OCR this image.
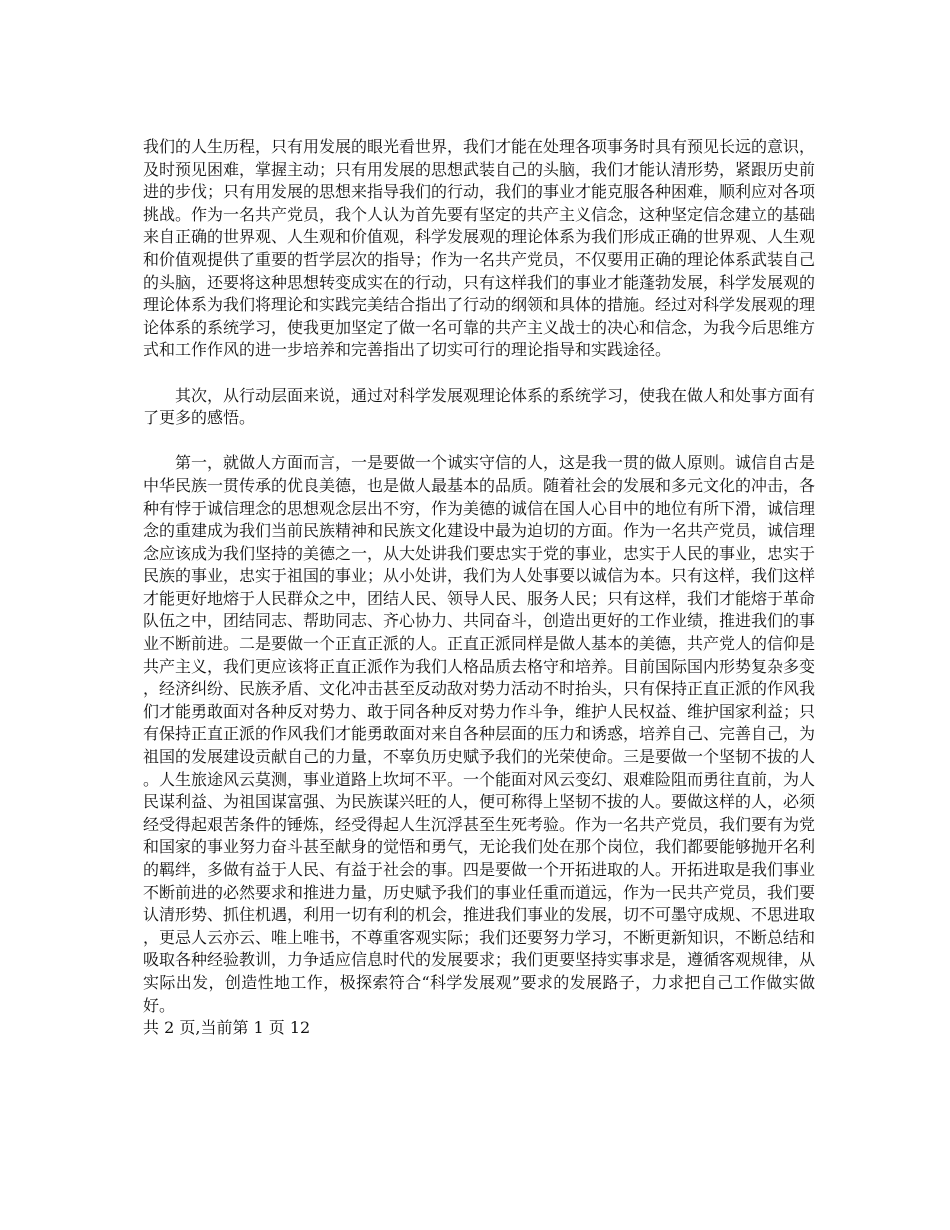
我们的人生历程，只有用发展的眼光看世界，我们才能在处理各项事务时具有预见长远的意识，及时预见困难，掌握主动；只有用发展的思想武装自己的头脑，我们才能认清形势，紧跟历史前进的步伐；只有用发展的思想来指导我们的行动，我们的事业才能克服各种困难，顺利应对各项挑战。作为一名共产党员，我个人认为首先要有坚定的共产主义信念，这种坚定信念建立的基础来自正确的世界观、人生观和价值观，科学发展观的理论体系为我们形成正确的世界观、人生观和价值观提供了重要的哲学层次的指导；作为一名共产党员，不仅要用正确的理论体系武装自己的头脑，还要将这种思想转变成实在的行动，只有这样我们的事业才能蓬勃发展，科学发展观的理论体系为我们将理论和实践完美结合指出了行动的纲领和具体的措施。经过对科学发展观的理论体系的系统学习，使我更加坚定了做一名可靠的共产主义战士的决心和信念，为我今后思维方式和工作作风的进一步培养和完善指出了切实可行的理论指导和实践途径。

其次，从行动层面来说，通过对科学发展观理论体系的系统学习，使我在做人和处事方面有了更多的感悟。

第一，就做人方面而言，一是要做一个诚实守信的人，这是我一贯的做人原则。诚信自古是中华民族一贯传承的优良美德，也是做人最基本的品质。随着社会的发展和多元文化的冲击，各种有悖于诚信理念的思想观念层出不穷，作为美德的诚信在国人心目中的地位有所下滑，诚信理念的重建成为我们当前民族精神和民族文化建设中最为迫切的方面。作为一名共产党员，诚信理念应该成为我们坚持的美德之一，从大处讲我们要忠实于党的事业，忠实于人民的事业，忠实于民族的事业，忠实于祖国的事业；从小处讲，我们为人处事要以诚信为本。只有这样，我们这样才能更好地熔于人民群众之中，团结人民、领导人民、服务人民；只有这样，我们才能熔于革命队伍之中，团结同志、帮助同志、齐心协力、共同奋斗，创造出更好的工作业绩，推进我们的事业不断前进。二是要做一个正直正派的人。正直正派同样是做人基本的美德，共产党人的信仰是共产主义，我们更应该将正直正派作为我们人格品质去格守和培养。目前国际国内形势复杂多变，经济纠纷、民族矛盾、文化冲击甚至反动敌对势力活动不时抬头，只有保持正直正派的作风我们才能勇敢面对各种反对势力、敢于同各种反对势力作斗争，维护人民权益、维护国家利益；只有保持正直正派的作风我们才能勇敢面对来自各种层面的压力和诱惑，培养自己、完善自己，为祖国的发展建设贡献自己的力量，不辜负历史赋予我们的光荣使命。三是要做一个坚韧不拔的人。人生旅途风云莫测，事业道路上坎坷不平。一个能面对风云变幻、艰难险阻而勇往直前，为人民谋利益、为祖国谋富强、为民族谋兴旺的人，便可称得上坚韧不拔的人。要做这样的人，必须经受得起艰苦条件的锤炼，经受得起人生沉浮甚至生死考验。作为一名共产党员，我们要有为党和国家的事业努力奋斗甚至献身的觉悟和勇气，无论我们处在那个岗位，我们都要能够抛开名利的羁绊，多做有益于人民、有益于社会的事。四是要做一个开拓进取的人。开拓进取是我们事业不断前进的必然要求和推进力量，历史赋予我们的事业任重而道远，作为一民共产党员，我们要认清形势、抓住机遇，利用一切有利的机会，推进我们事业的发展，切不可墨守成规、不思进取，更忌人云亦云、唯上唯书，不尊重客观实际；我们还要努力学习，不断更新知识，不断总结和吸取各种经验教训，力争适应信息时代的发展要求；我们更要坚持实事求是，遵循客观规律，从实际出发，创造性地工作，极探索符合“科学发展观”要求的发展路子，力求把自己工作做实做好。

共 2 页,当前第 1 页 12
